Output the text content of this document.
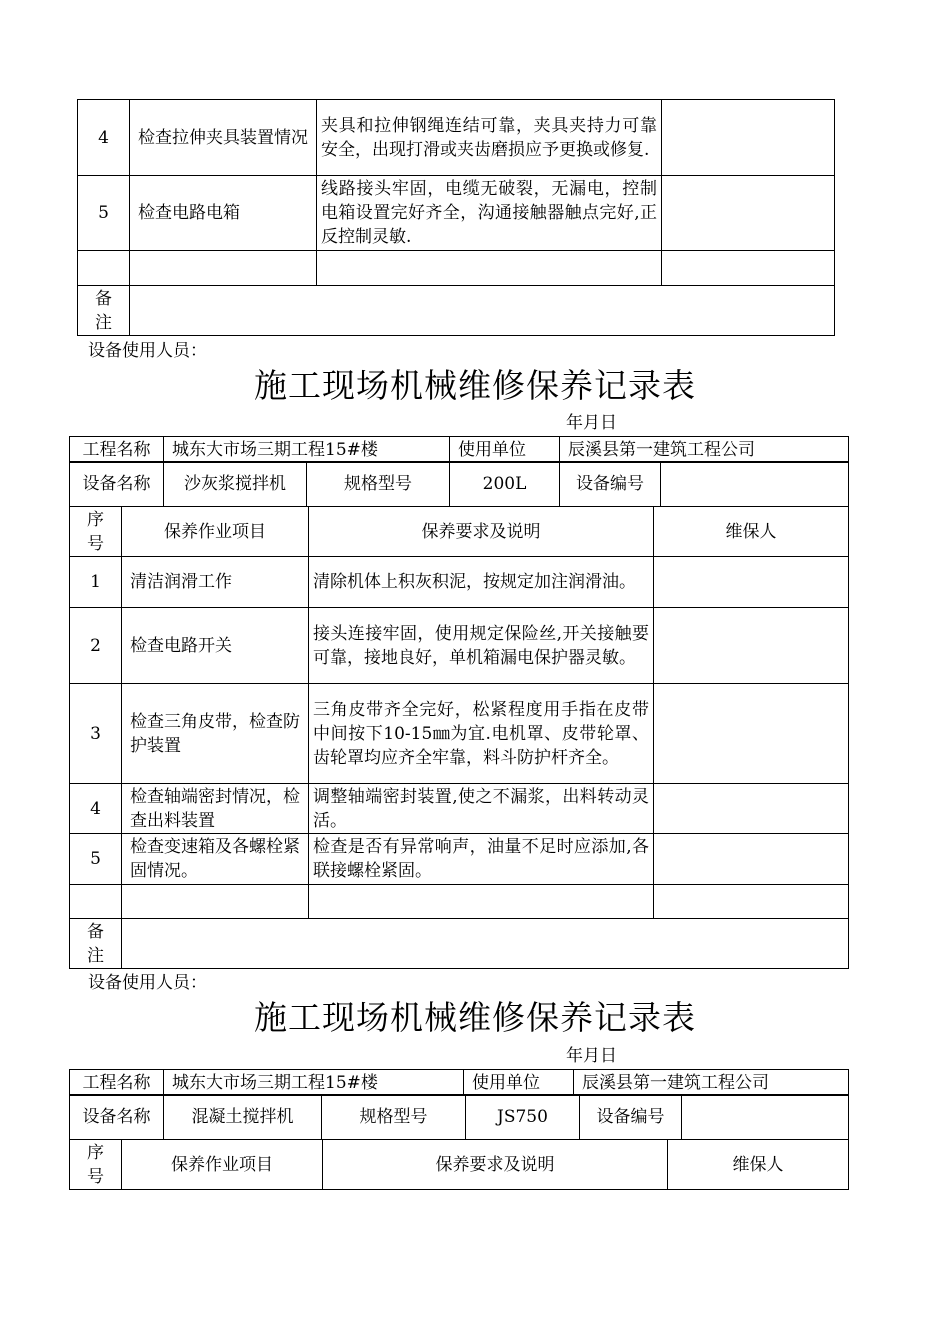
4	检查拉伸夹具装置情况	夹具和拉伸钢绳连结可靠，夹具夹持力可靠安全，出现打滑或夹齿磨损应予更换或修复.	
5	检查电路电箱	线路接头牢固，电缆无破裂，无漏电，控制电箱设置完好齐全，沟通接触器触点完好,正反控制灵敏.	

备注			
设备使用人员：
施工现场机械维修保养记录表
年月日
工程名称	城东大市场三期工程15#楼	使用单位	辰溪县第一建筑工程公司
设备名称	沙灰浆搅拌机	规格型号	200L	设备编号	
序号	保养作业项目	保养要求及说明	维保人
1	清洁润滑工作	清除机体上积灰积泥，按规定加注润滑油。	
2	检查电路开关	接头连接牢固，使用规定保险丝,开关接触要可靠，接地良好，单机箱漏电保护器灵敏。	
3	检查三角皮带，检查防护装置	三角皮带齐全完好，松紧程度用手指在皮带中间按下10-15㎜为宜.电机罩、皮带轮罩、齿轮罩均应齐全牢靠，料斗防护杆齐全。	
4	检查轴端密封情况，检查出料装置	调整轴端密封装置,使之不漏浆，出料转动灵活。	
5	检查变速箱及各螺栓紧固情况。	检查是否有异常响声，油量不足时应添加,各联接螺栓紧固。	

备注			
设备使用人员：
施工现场机械维修保养记录表
年月日
工程名称	城东大市场三期工程15#楼	使用单位	辰溪县第一建筑工程公司
设备名称	混凝土搅拌机	规格型号	JS750	设备编号	
序号	保养作业项目	保养要求及说明	维保人
